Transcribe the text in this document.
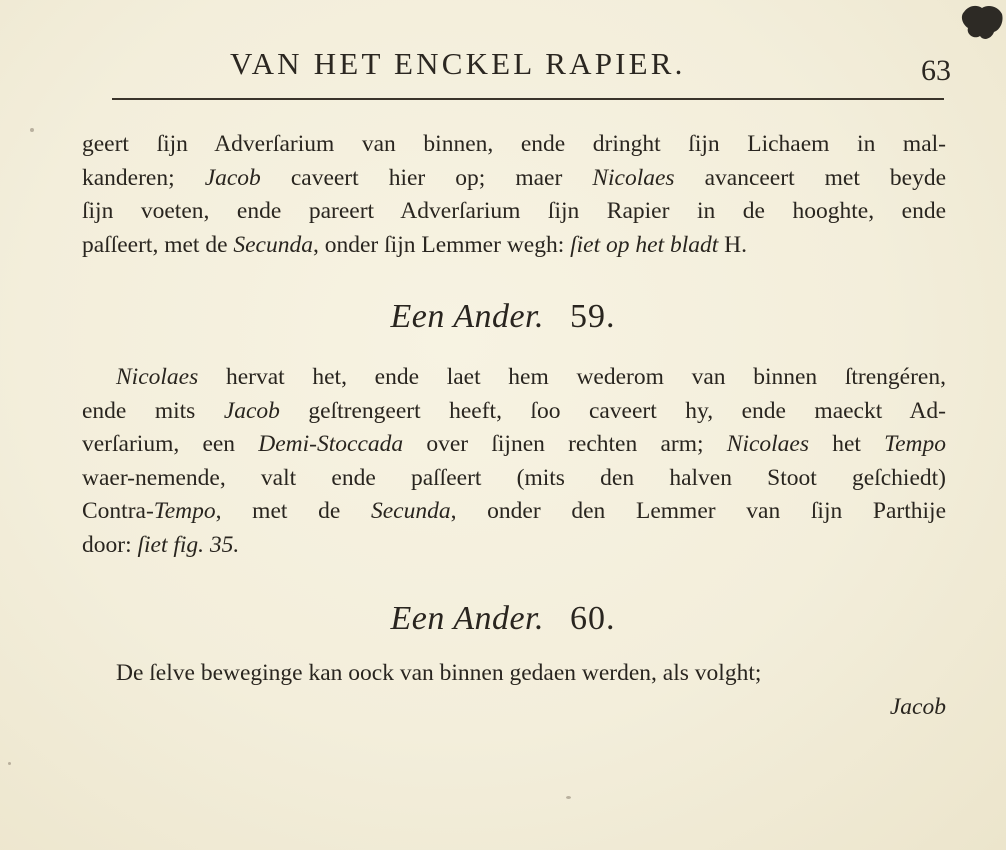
VAN HET ENCKEL RAPIER.	63
geert ſijn Adverſarium van binnen, ende dringht ſijn Lichaem in mal-
kanderen; Jacob caveert hier op; maer Nicolaes avanceert met beyde
ſijn voeten, ende pareert Adverſarium ſijn Rapier in de hooghte, ende
paſſeert, met de Secunda, onder ſijn Lemmer wegh: ſiet op het bladt H.
Een Ander. 59.
Nicolaes hervat het, ende laet hem wederom van binnen ſtrengéren,
ende mits Jacob geſtrengeert heeft, ſoo caveert hy, ende maeckt Ad-
verſarium, een Demi-Stoccada over ſijnen rechten arm; Nicolaes het Tempo
waer-nemende, valt ende paſſeert (mits den halven Stoot geſchiedt)
Contra-Tempo, met de Secunda, onder den Lemmer van ſijn Parthije
door: ſiet fig. 35.
Een Ander. 60.
De ſelve beweginge kan oock van binnen gedaen werden, als volght;
Jacob
